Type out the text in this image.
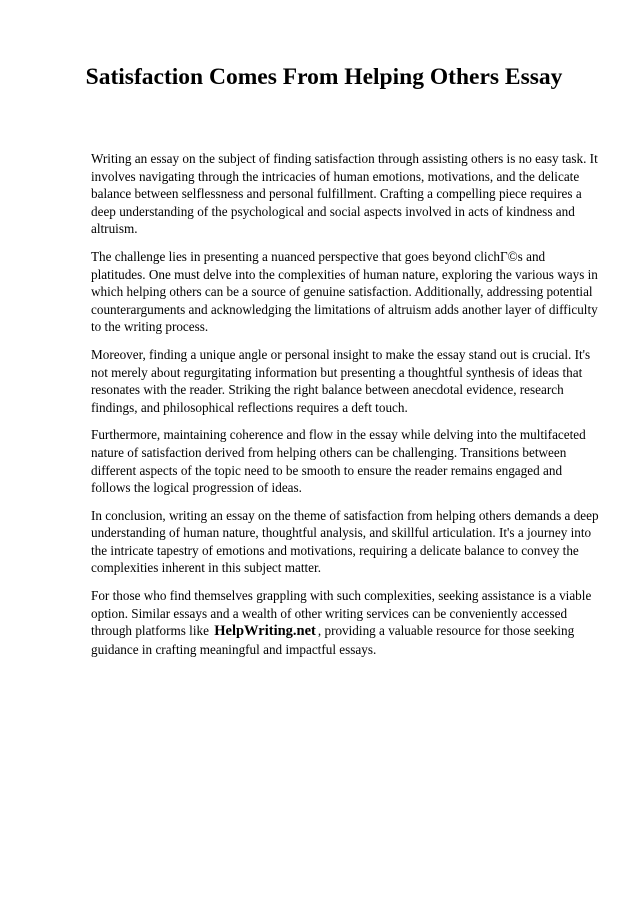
Satisfaction Comes From Helping Others Essay

Writing an essay on the subject of finding satisfaction through assisting others is no easy task. It involves navigating through the intricacies of human emotions, motivations, and the delicate balance between selflessness and personal fulfillment. Crafting a compelling piece requires a deep understanding of the psychological and social aspects involved in acts of kindness and altruism.

The challenge lies in presenting a nuanced perspective that goes beyond clichГ©s and platitudes. One must delve into the complexities of human nature, exploring the various ways in which helping others can be a source of genuine satisfaction. Additionally, addressing potential counterarguments and acknowledging the limitations of altruism adds another layer of difficulty to the writing process.

Moreover, finding a unique angle or personal insight to make the essay stand out is crucial. It's not merely about regurgitating information but presenting a thoughtful synthesis of ideas that resonates with the reader. Striking the right balance between anecdotal evidence, research findings, and philosophical reflections requires a deft touch.

Furthermore, maintaining coherence and flow in the essay while delving into the multifaceted nature of satisfaction derived from helping others can be challenging. Transitions between different aspects of the topic need to be smooth to ensure the reader remains engaged and follows the logical progression of ideas.

In conclusion, writing an essay on the theme of satisfaction from helping others demands a deep understanding of human nature, thoughtful analysis, and skillful articulation. It's a journey into the intricate tapestry of emotions and motivations, requiring a delicate balance to convey the complexities inherent in this subject matter.

For those who find themselves grappling with such complexities, seeking assistance is a viable option. Similar essays and a wealth of other writing services can be conveniently accessed through platforms like HelpWriting.net , providing a valuable resource for those seeking guidance in crafting meaningful and impactful essays.
